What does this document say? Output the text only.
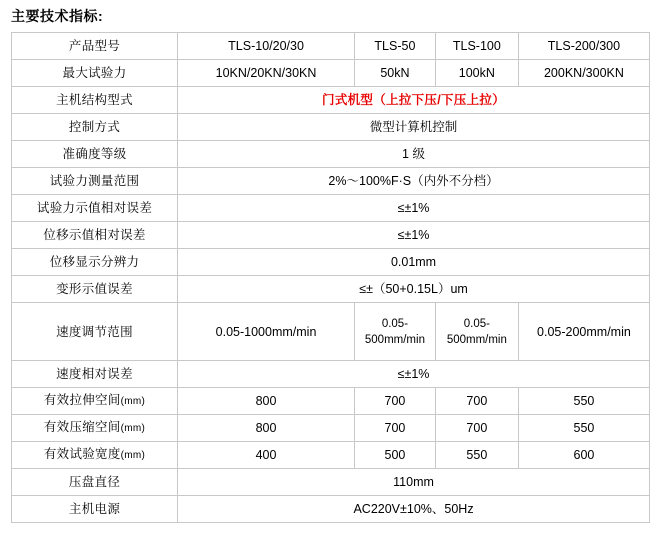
主要技术指标:
产品型号	TLS-10/20/30	TLS-50	TLS-100	TLS-200/300
最大试验力	10KN/20KN/30KN	50kN	100kN	200KN/300KN
主机结构型式	门式机型（上拉下压/下压上拉）			
控制方式	微型计算机控制			
准确度等级	1 级			
试验力测量范围	2%～100%F·S（内外不分档）			
试验力示值相对误差	≤±1%			
位移示值相对误差	≤±1%			
位移显示分辨力	0.01mm			
变形示值误差	≤±（50+0.15L）um			
速度调节范围	0.05-1000mm/min	0.05-500mm/min	0.05-500mm/min	0.05-200mm/min
速度相对误差	≤±1%			
有效拉伸空间(mm)	800	700	700	550
有效压缩空间(mm)	800	700	700	550
有效试验宽度(mm)	400	500	550	600
压盘直径	110mm			
主机电源	AC220V±10%、50Hz			
